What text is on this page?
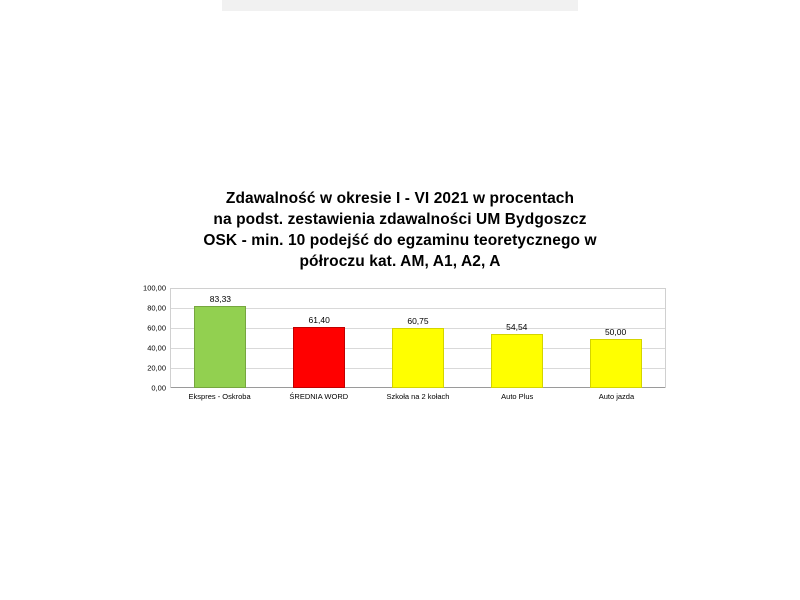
Zdawalność w okresie I - VI 2021 w procentach
na podst. zestawienia zdawalności UM Bydgoszcz
OSK - min. 10 podejść do egzaminu teoretycznego w
półroczu kat. AM, A1, A2, A
100,00
80,00
60,00
40,00
20,00
0,00
83,33
61,40	60,75
54,54	50,00
Ekspres - Oskroba	ŚREDNIA WORD	Szkoła na 2 kołach	Auto Plus	Auto jazda
